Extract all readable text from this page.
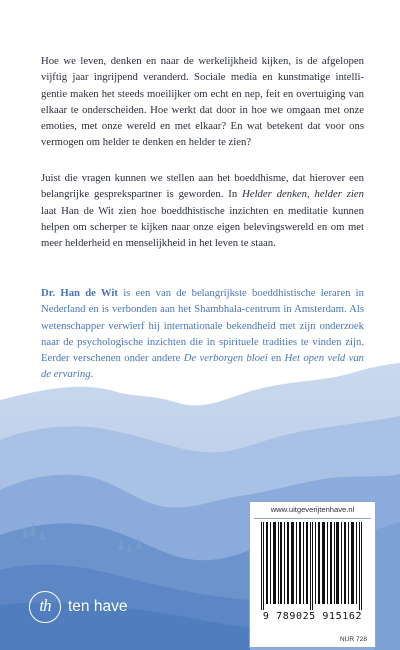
Hoe we leven, denken en naar de werkelijkheid kijken, is de afgelopen vijftig jaar ingrijpend veranderd. Sociale media en kunstmatige intelligentie maken het steeds moeilijker om echt en nep, feit en overtuiging van elkaar te onderscheiden. Hoe werkt dat door in hoe we omgaan met onze emoties, met onze wereld en met elkaar? En wat betekent dat voor ons vermogen om helder te denken en helder te zien?

Juist die vragen kunnen we stellen aan het boeddhisme, dat hierover een belangrijke gesprekspartner is geworden. In Helder denken, helder zien laat Han de Wit zien hoe boeddhistische inzichten en meditatie kunnen helpen om scherper te kijken naar onze eigen belevingswereld en om met meer helderheid en menselijkheid in het leven te staan.

Dr. Han de Wit is een van de belangrijkste boeddhistische leraren in Nederland en is verbonden aan het Shambhala-centrum in Amsterdam. Als wetenschapper verwierf hij internationale bekendheid met zijn onderzoek naar de psychologische inzichten die in spirituele tradities te vinden zijn. Eerder verschenen onder andere De verborgen bloei en Het open veld van de ervaring.

www.uitgeverijtenhave.nl
9 789025 915162
NUR 728
th	ten have
